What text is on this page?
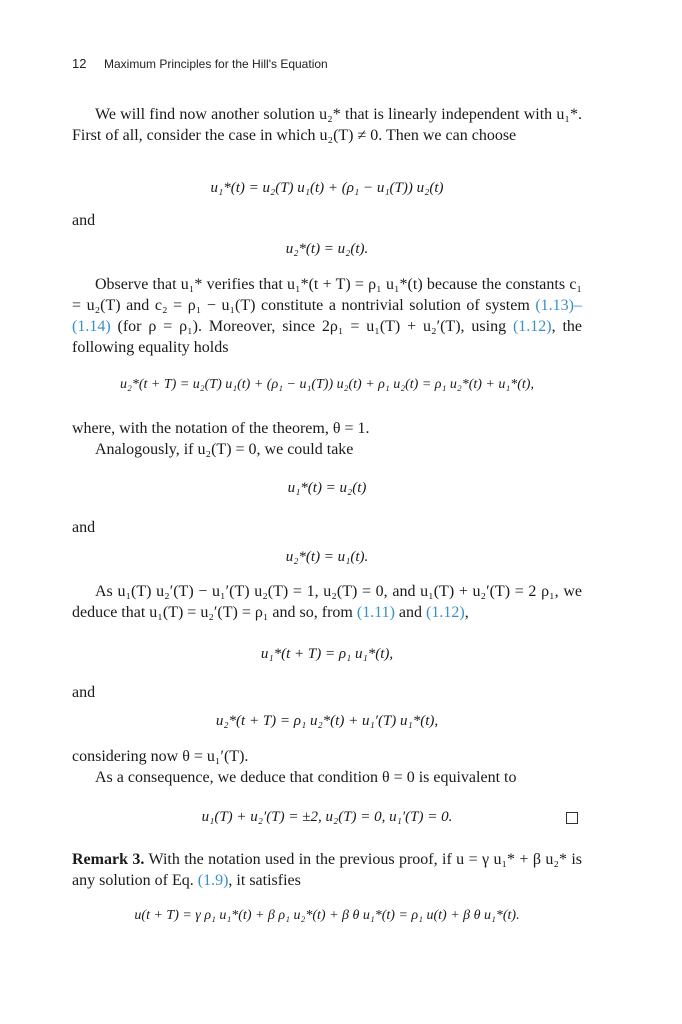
12 Maximum Principles for the Hill's Equation
We will find now another solution u₂* that is linearly independent with u₁*. First of all, consider the case in which u₂(T) ≠ 0. Then we can choose
u₁*(t) = u₂(T) u₁(t) + (ρ₁ − u₁(T)) u₂(t)
and
u₂*(t) = u₂(t).
Observe that u₁* verifies that u₁*(t + T) = ρ₁ u₁*(t) because the constants c₁ = u₂(T) and c₂ = ρ₁ − u₁(T) constitute a nontrivial solution of system (1.13)–(1.14) (for ρ = ρ₁). Moreover, since 2ρ₁ = u₁(T) + u₂′(T), using (1.12), the following equality holds
u₂*(t + T) = u₂(T) u₁(t) + (ρ₁ − u₁(T)) u₂(t) + ρ₁ u₂(t) = ρ₁ u₂*(t) + u₁*(t),
where, with the notation of the theorem, θ = 1.
Analogously, if u₂(T) = 0, we could take
u₁*(t) = u₂(t)
and
u₂*(t) = u₁(t).
As u₁(T) u₂′(T) − u₁′(T) u₂(T) = 1, u₂(T) = 0, and u₁(T) + u₂′(T) = 2 ρ₁, we deduce that u₁(T) = u₂′(T) = ρ₁ and so, from (1.11) and (1.12),
u₁*(t + T) = ρ₁ u₁*(t),
and
u₂*(t + T) = ρ₁ u₂*(t) + u₁′(T) u₁*(t),
considering now θ = u₁′(T).
As a consequence, we deduce that condition θ = 0 is equivalent to
u₁(T) + u₂′(T) = ±2, u₂(T) = 0, u₁′(T) = 0.
Remark 3. With the notation used in the previous proof, if u = γ u₁* + β u₂* is any solution of Eq. (1.9), it satisfies
u(t + T) = γ ρ₁ u₁*(t) + β ρ₁ u₂*(t) + β θ u₁*(t) = ρ₁ u(t) + β θ u₁*(t).
